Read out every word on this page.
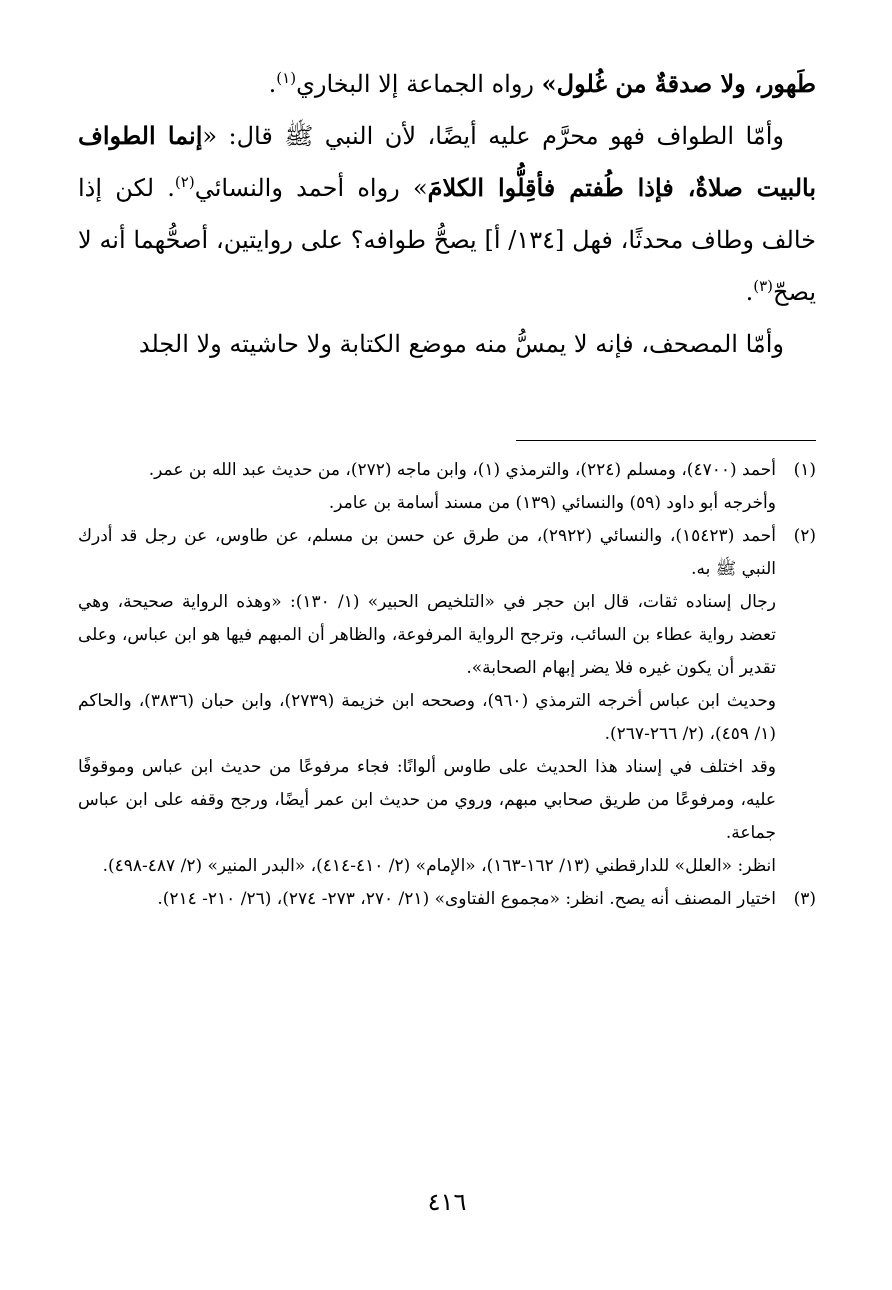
طَهور، ولا صدقةٌ من غُلول» رواه الجماعة إلا البخاري$^{(١)}$.

وأمّا الطواف فهو محرَّم عليه أيضًا، لأن النبي ﷺ قال: «إنما الطواف بالبيت صلاةٌ، فإذا طُفتم فأقِلُّوا الكلامَ» رواه أحمد والنسائي$^{(٢)}$. لكن إذا خالف وطاف محدثًا، فهل [١٣٤/ أ] يصحُّ طوافه؟ على روايتين، أصحُّهما أنه لا يصحّ$^{(٣)}$.

وأمّا المصحف، فإنه لا يمسُّ منه موضع الكتابة ولا حاشيته ولا الجلد

(١)

أحمد (٤٧٠٠)، ومسلم (٢٢٤)، والترمذي (١)، وابن ماجه (٢٧٢)، من حديث عبد الله بن عمر.

وأخرجه أبو داود (٥٩) والنسائي (١٣٩) من مسند أسامة بن عامر.

(٢)

أحمد (١٥٤٢٣)، والنسائي (٢٩٢٢)، من طرق عن حسن بن مسلم، عن طاوس، عن رجل قد أدرك النبي ﷺ به.

رجال إسناده ثقات، قال ابن حجر في «التلخيص الحبير» (١/ ١٣٠): «وهذه الرواية صحيحة، وهي تعضد رواية عطاء بن السائب، وترجح الرواية المرفوعة، والظاهر أن المبهم فيها هو ابن عباس، وعلى تقدير أن يكون غيره فلا يضر إبهام الصحابة».

وحديث ابن عباس أخرجه الترمذي (٩٦٠)، وصححه ابن خزيمة (٢٧٣٩)، وابن حبان (٣٨٣٦)، والحاكم (١/ ٤٥٩)، (٢/ ٢٦٦-٢٦٧).

وقد اختلف في إسناد هذا الحديث على طاوس ألوانًا: فجاء مرفوعًا من حديث ابن عباس وموقوفًا عليه، ومرفوعًا من طريق صحابي مبهم، وروي من حديث ابن عمر أيضًا، ورجح وقفه على ابن عباس جماعة.

انظر: «العلل» للدارقطني (١٣/ ١٦٢-١٦٣)، «الإمام» (٢/ ٤١٠-٤١٤)، «البدر المنير» (٢/ ٤٨٧-٤٩٨).

(٣)

اختيار المصنف أنه يصح. انظر: «مجموع الفتاوى» (٢١/ ٢٧٠، ٢٧٣- ٢٧٤)، (٢٦/ ٢١٠- ٢١٤).

٤١٦
